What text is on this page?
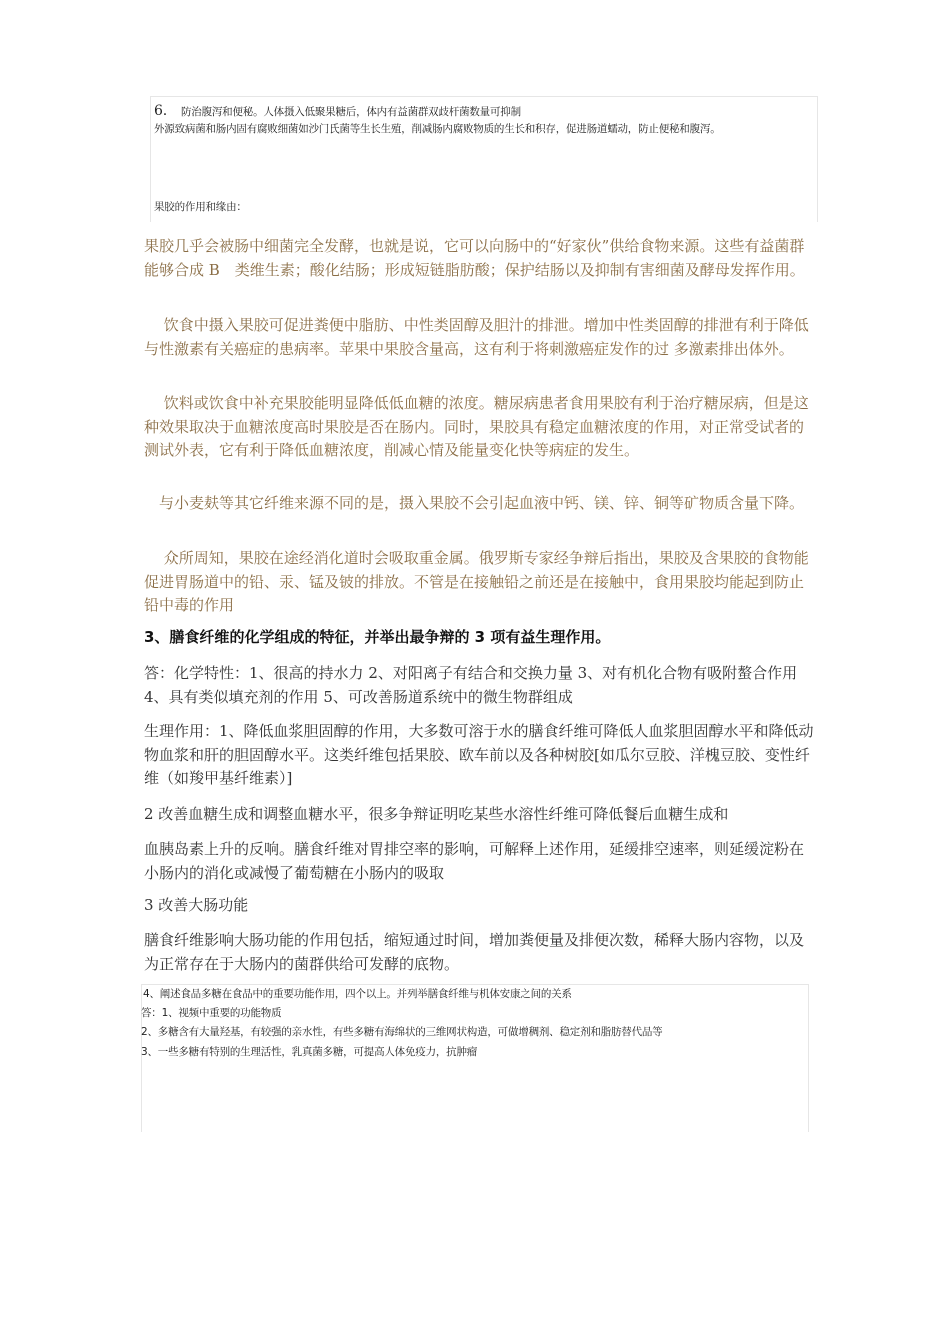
6. 防治腹泻和便秘。人体摄入低聚果糖后，体内有益菌群双歧杆菌数量可抑制
外源致病菌和肠内固有腐败细菌如沙门氏菌等生长生殖，削减肠内腐败物质的生长和积存，促进肠道蠕动，防止便秘和腹泻。
果胶的作用和缘由：

果胶几乎会被肠中细菌完全发酵，也就是说，它可以向肠中的“好家伙”供给食物来源。这些有益菌群能够合成 B　类维生素；酸化结肠；形成短链脂肪酸；保护结肠以及抑制有害细菌及酵母发挥作用。

　 饮食中摄入果胶可促进粪便中脂肪、中性类固醇及胆汁的排泄。增加中性类固醇的排泄有利于降低与性激素有关癌症的患病率。苹果中果胶含量高，这有利于将刺激癌症发作的过 多激素排出体外。

　 饮料或饮食中补充果胶能明显降低低血糖的浓度。糖尿病患者食用果胶有利于治疗糖尿病，但是这种效果取决于血糖浓度高时果胶是否在肠内。同时，果胶具有稳定血糖浓度的作用，对正常受试者的测试外表，它有利于降低血糖浓度，削减心情及能量变化快等病症的发生。

　与小麦麸等其它纤维来源不同的是，摄入果胶不会引起血液中钙、镁、锌、铜等矿物质含量下降。

　 众所周知，果胶在途经消化道时会吸取重金属。俄罗斯专家经争辩后指出，果胶及含果胶的食物能促进胃肠道中的铅、汞、锰及铍的排放。不管是在接触铅之前还是在接触中，食用果胶均能起到防止铅中毒的作用

3、膳食纤维的化学组成的特征，并举出最争辩的 3 项有益生理作用。

答：化学特性：1、很高的持水力 2、对阳离子有结合和交换力量 3、对有机化合物有吸附螯合作用 4、具有类似填充剂的作用 5、可改善肠道系统中的微生物群组成

生理作用：1、降低血浆胆固醇的作用，大多数可溶于水的膳食纤维可降低人血浆胆固醇水平和降低动物血浆和肝的胆固醇水平。这类纤维包括果胶、欧车前以及各种树胶[如瓜尔豆胶、洋槐豆胶、变性纤维（如羧甲基纤维素）]

2 改善血糖生成和调整血糖水平，很多争辩证明吃某些水溶性纤维可降低餐后血糖生成和

血胰岛素上升的反响。膳食纤维对胃排空率的影响，可解释上述作用，延缓排空速率，则延缓淀粉在小肠内的消化或减慢了葡萄糖在小肠内的吸取

3 改善大肠功能

膳食纤维影响大肠功能的作用包括，缩短通过时间，增加粪便量及排便次数，稀释大肠内容物，以及为正常存在于大肠内的菌群供给可发酵的底物。

4、阐述食品多糖在食品中的重要功能作用，四个以上。并列举膳食纤维与机体安康之间的关系
答：1、视频中重要的功能物质
2、多糖含有大量羟基，有较强的亲水性，有些多糖有海绵状的三维网状构造，可做增稠剂、稳定剂和脂肪替代品等
3、一些多糖有特别的生理活性，乳真菌多糖，可提高人体免疫力，抗肿瘤
